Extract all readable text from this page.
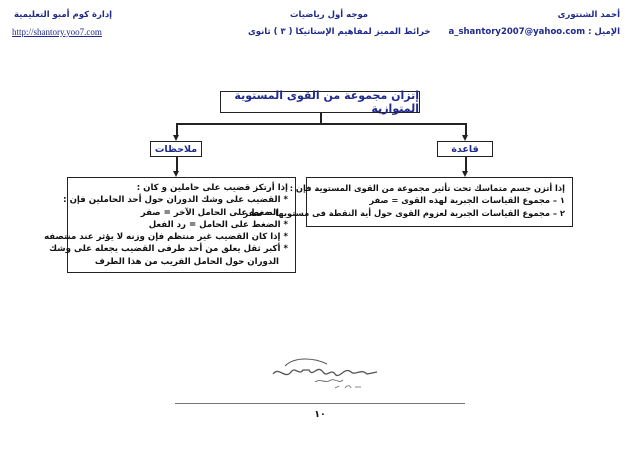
أحمد الشنتورى
موجه أول رياضيات
إدارة كوم أمبو التعليمية
الإميل : a_shantory2007@yahoo.com
خرائط المميز لمفاهيم الإستاتيكا ( ٣ ) ثانوى
http://shantory.yoo7.com
إتزان مجموعة من القوى المستوية المتوازية
ملاحظات	قاعدة
إذا أرتكز قضيب على حاملين و كان :
* القضيب على وشك الدوران حول أحد الحاملين فإن :
الضغط على الحامل الآخر = صفر
* الضغط على الحامل = رد الفعل
* إذا كان القضيب غير منتظم فإن وزنه لا يؤثر عند منتصفه
* أكبر ثقل يعلق من أحد طرفى القضيب يجعله على وشك
الدوران حول الحامل القريب من هذا الطرف
إذا أتزن جسم متماسك تحت تأثير مجموعة من القوى المستوية فإن :
١ – مجموع القياسات الجبرية لهذه القوى = صفر
٢ – مجموع القياسات الجبرية لعزوم القوى حول أية النقطة فى مستويها = صفر
١٠
